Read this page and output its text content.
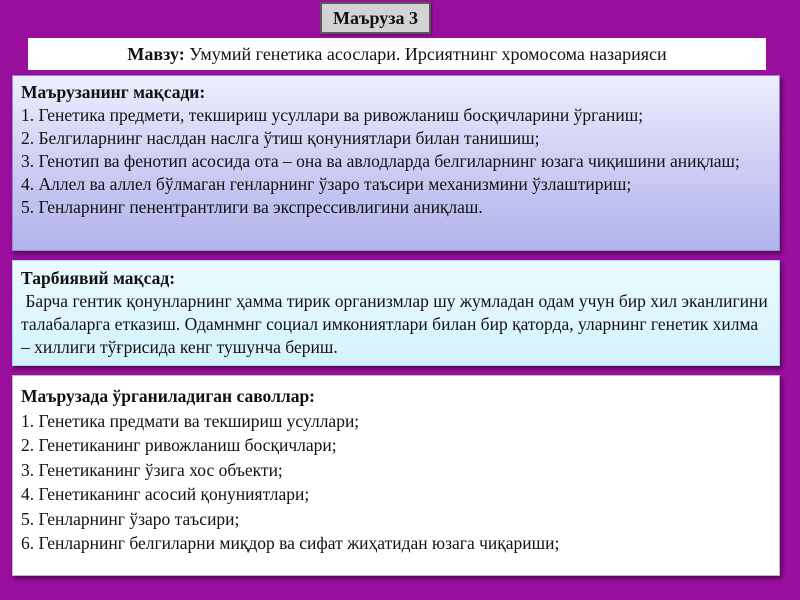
Маъруза 3
Мавзу: Умумий генетика асослари. Ирсиятнинг хромосома назарияси
Маърузанинг мақсади:
1. Генетика предмети, текшириш усуллари ва ривожланиш босқичларини ўрганиш;
2. Белгиларнинг наслдан наслга ўтиш қонуниятлари билан танишиш;
3. Генотип ва фенотип асосида ота – она ва авлодларда белгиларнинг юзага чиқишини аниқлаш;
4. Аллел ва аллел бўлмаган генларнинг ўзаро таъсири механизмини ўзлаштириш;
5. Генларнинг пенентрантлиги ва экспрессивлигини аниқлаш.
Тарбиявий мақсад:
Барча гентик қонунларнинг ҳамма тирик организмлар шу жумладан одам учун бир хил эканлигини талабаларга етказиш. Одамнмнг социал имкониятлари билан бир қаторда, уларнинг генетик хилма – хиллиги тўғрисида кенг тушунча бериш.
Маърузада ўрганиладиган саволлар:
1. Генетика предмати ва текшириш усуллари;
2. Генетиканинг ривожланиш босқичлари;
3. Генетиканинг ўзига хос объекти;
4. Генетиканинг асосий қонуниятлари;
5. Генларнинг ўзаро таъсири;
6. Генларнинг белгиларни миқдор ва сифат жиҳатидан юзага чиқариши;
